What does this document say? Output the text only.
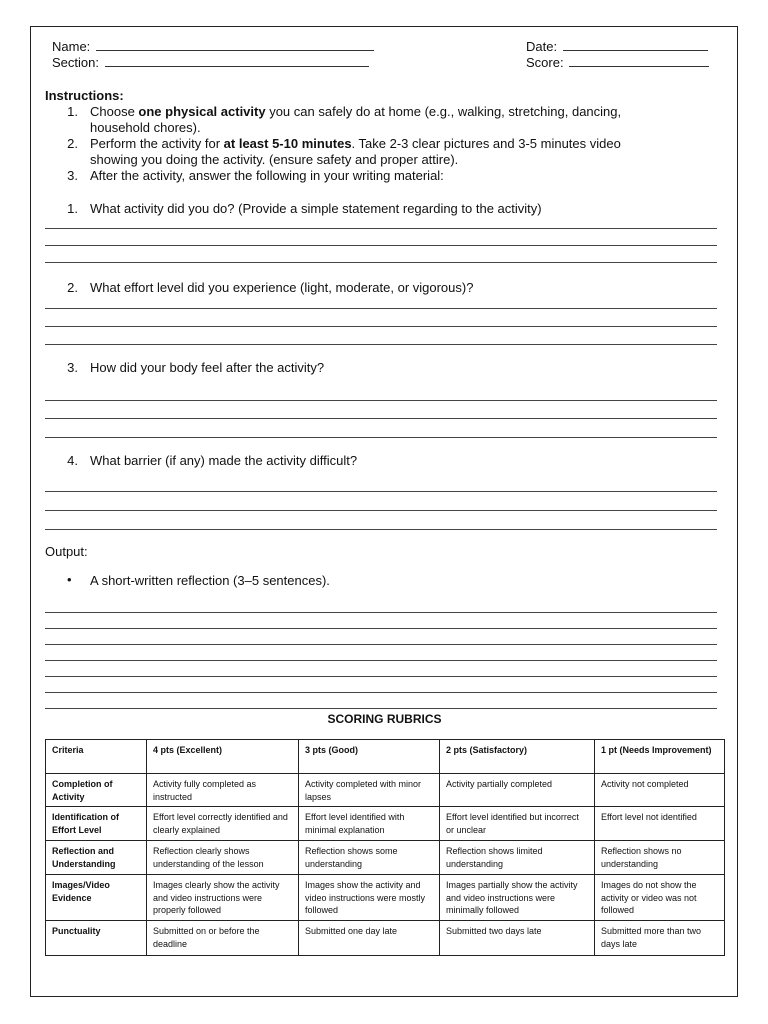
Name:
Section:
Date:
Score:
Instructions:
1. Choose one physical activity you can safely do at home (e.g., walking, stretching, dancing,
household chores).
2. Perform the activity for at least 5-10 minutes. Take 2-3 clear pictures and 3-5 minutes video
showing you doing the activity. (ensure safety and proper attire).
3. After the activity, answer the following in your writing material:
1. What activity did you do? (Provide a simple statement regarding to the activity)
2. What effort level did you experience (light, moderate, or vigorous)?
3. How did your body feel after the activity?
4. What barrier (if any) made the activity difficult?
Output:
• A short-written reflection (3–5 sentences).
SCORING RUBRICS
Criteria	4 pts (Excellent)	3 pts (Good)	2 pts (Satisfactory)	1 pt (Needs Improvement)
Completion of Activity	Activity fully completed as instructed	Activity completed with minor lapses	Activity partially completed	Activity not completed
Identification of Effort Level	Effort level correctly identified and clearly explained	Effort level identified with minimal explanation	Effort level identified but incorrect or unclear	Effort level not identified
Reflection and Understanding	Reflection clearly shows understanding of the lesson	Reflection shows some understanding	Reflection shows limited understanding	Reflection shows no understanding
Images/Video Evidence	Images clearly show the activity and video instructions were properly followed	Images show the activity and video instructions were mostly followed	Images partially show the activity and video instructions were minimally followed	Images do not show the activity or video was not followed
Punctuality	Submitted on or before the deadline	Submitted one day late	Submitted two days late	Submitted more than two days late
